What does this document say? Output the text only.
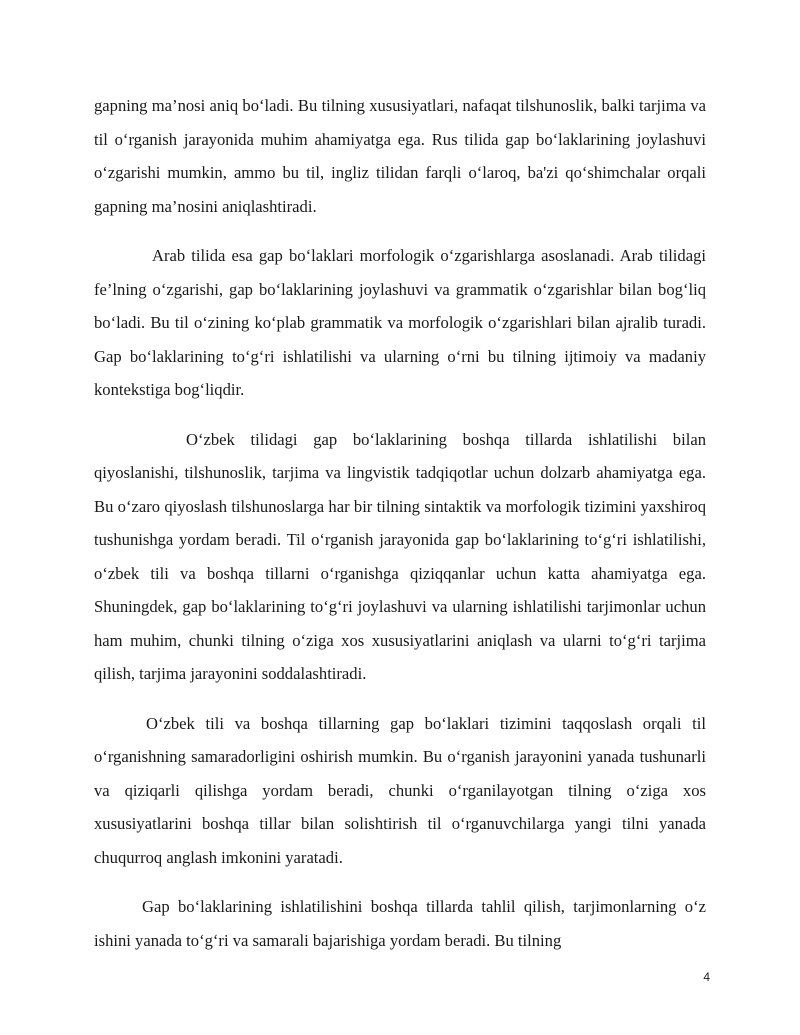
gapning ma’nosi aniq bo‘ladi. Bu tilning xususiyatlari, nafaqat tilshunoslik, balki tarjima va til o‘rganish jarayonida muhim ahamiyatga ega. Rus tilida gap bo‘laklarining joylashuvi o‘zgarishi mumkin, ammo bu til, ingliz tilidan farqli o‘laroq, ba'zi qo‘shimchalar orqali gapning ma’nosini aniqlashtiradi.

Arab tilida esa gap bo‘laklari morfologik o‘zgarishlarga asoslanadi. Arab tilidagi fe’lning o‘zgarishi, gap bo‘laklarining joylashuvi va grammatik o‘zgarishlar bilan bog‘liq bo‘ladi. Bu til o‘zining ko‘plab grammatik va morfologik o‘zgarishlari bilan ajralib turadi. Gap bo‘laklarining to‘g‘ri ishlatilishi va ularning o‘rni bu tilning ijtimoiy va madaniy kontekstiga bog‘liqdir.

O‘zbek tilidagi gap bo‘laklarining boshqa tillarda ishlatilishi bilan qiyoslanishi, tilshunoslik, tarjima va lingvistik tadqiqotlar uchun dolzarb ahamiyatga ega. Bu o‘zaro qiyoslash tilshunoslarga har bir tilning sintaktik va morfologik tizimini yaxshiroq tushunishga yordam beradi. Til o‘rganish jarayonida gap bo‘laklarining to‘g‘ri ishlatilishi, o‘zbek tili va boshqa tillarni o‘rganishga qiziqqanlar uchun katta ahamiyatga ega. Shuningdek, gap bo‘laklarining to‘g‘ri joylashuvi va ularning ishlatilishi tarjimonlar uchun ham muhim, chunki tilning o‘ziga xos xususiyatlarini aniqlash va ularni to‘g‘ri tarjima qilish, tarjima jarayonini soddalashtiradi.

O‘zbek tili va boshqa tillarning gap bo‘laklari tizimini taqqoslash orqali til o‘rganishning samaradorligini oshirish mumkin. Bu o‘rganish jarayonini yanada tushunarli va qiziqarli qilishga yordam beradi, chunki o‘rganilayotgan tilning o‘ziga xos xususiyatlarini boshqa tillar bilan solishtirish til o‘rganuvchilarga yangi tilni yanada chuqurroq anglash imkonini yaratadi.

Gap bo‘laklarining ishlatilishini boshqa tillarda tahlil qilish, tarjimonlarning o‘z ishini yanada to‘g‘ri va samarali bajarishiga yordam beradi. Bu tilning

4
